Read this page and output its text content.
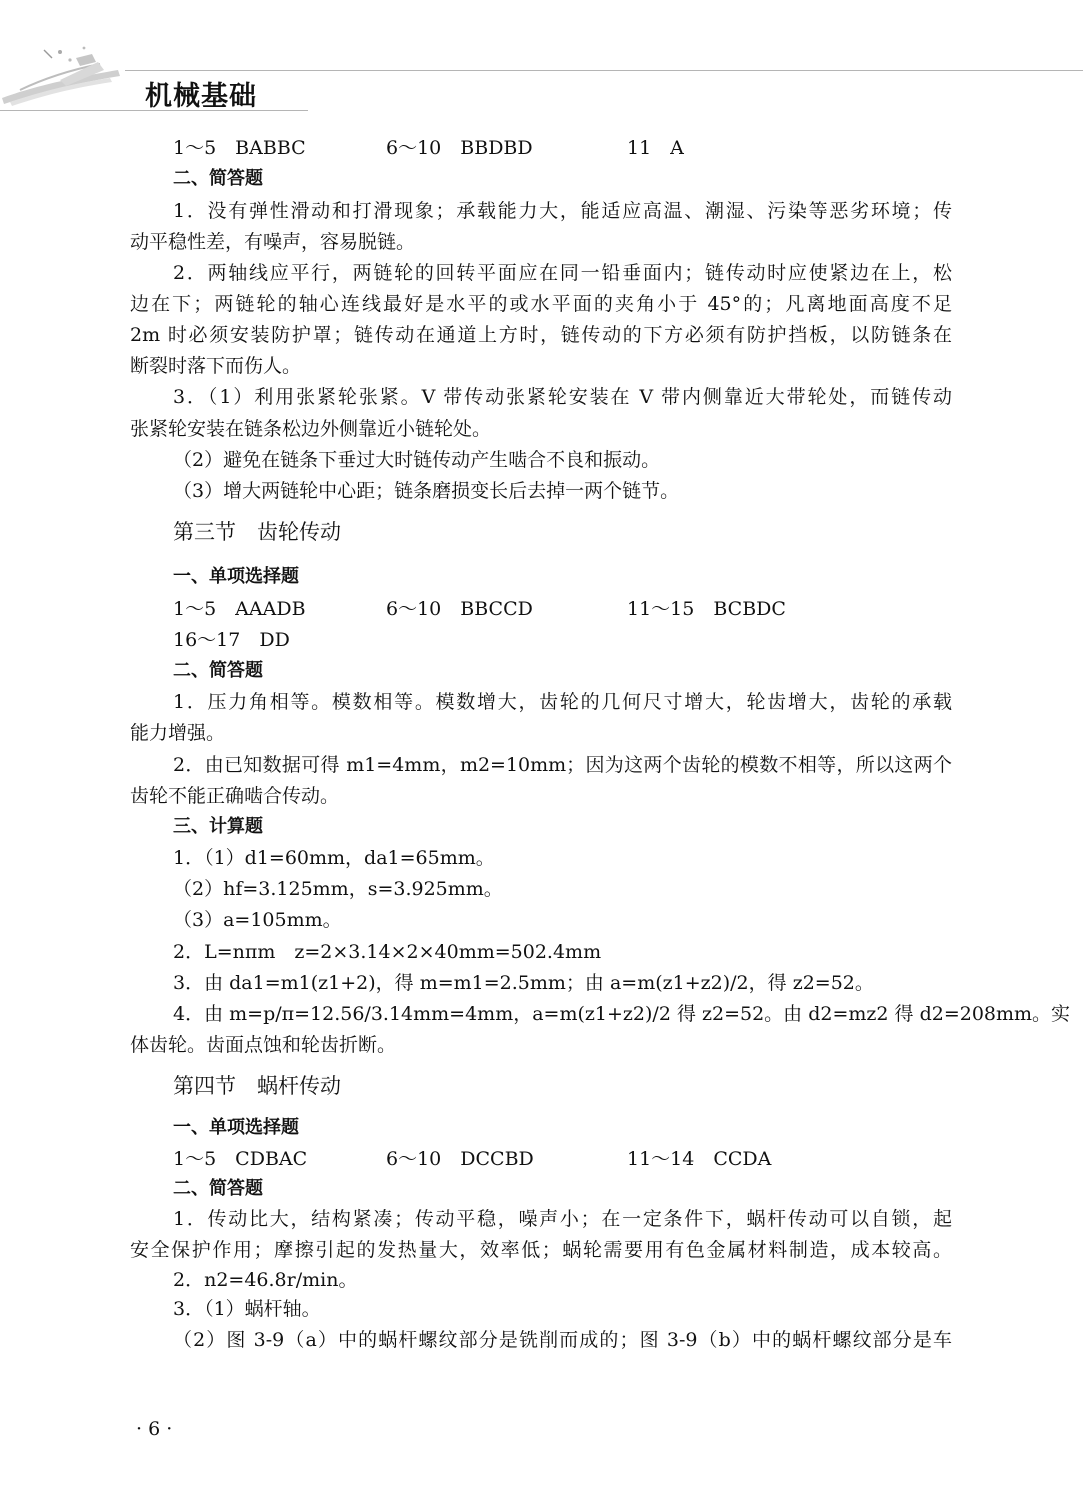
机械基础
1～5　BABBC	6～10　BBDBD	11　A
二、简答题
1．没有弹性滑动和打滑现象；承载能力大，能适应高温、潮湿、污染等恶劣环境；传
动平稳性差，有噪声，容易脱链。
2．两轴线应平行，两链轮的回转平面应在同一铅垂面内；链传动时应使紧边在上，松
边在下；两链轮的轴心连线最好是水平的或水平面的夹角小于 45°的；凡离地面高度不足
2m 时必须安装防护罩；链传动在通道上方时，链传动的下方必须有防护挡板，以防链条在
断裂时落下而伤人。
3．（1）利用张紧轮张紧。V 带传动张紧轮安装在 V 带内侧靠近大带轮处，而链传动
张紧轮安装在链条松边外侧靠近小链轮处。
（2）避免在链条下垂过大时链传动产生啮合不良和振动。
（3）增大两链轮中心距；链条磨损变长后去掉一两个链节。
第三节　齿轮传动
一、单项选择题
1～5　AAADB	6～10　BBCCD	11～15　BCBDC
16～17　DD
二、简答题
1．压力角相等。模数相等。模数增大，齿轮的几何尺寸增大，轮齿增大，齿轮的承载
能力增强。
2．由已知数据可得 m1=4mm，m2=10mm；因为这两个齿轮的模数不相等，所以这两个
齿轮不能正确啮合传动。
三、计算题
1．（1）d1=60mm，da1=65mm。
（2）hf=3.125mm，s=3.925mm。
（3）a=105mm。
2．L=nπm　z=2×3.14×2×40mm=502.4mm
3．由 da1=m1(z1+2)，得 m=m1=2.5mm；由 a=m(z1+z2)/2，得 z2=52。
4．由 m=p/π=12.56/3.14mm=4mm，a=m(z1+z2)/2 得 z2=52。由 d2=mz2 得 d2=208mm。实
体齿轮。齿面点蚀和轮齿折断。
第四节　蜗杆传动
一、单项选择题
1～5　CDBAC	6～10　DCCBD	11～14　CCDA
二、简答题
1．传动比大，结构紧凑；传动平稳，噪声小；在一定条件下，蜗杆传动可以自锁，起
安全保护作用；摩擦引起的发热量大，效率低；蜗轮需要用有色金属材料制造，成本较高。
2．n2=46.8r/min。
3．（1）蜗杆轴。
（2）图 3-9（a）中的蜗杆螺纹部分是铣削而成的；图 3-9（b）中的蜗杆螺纹部分是车
· 6 ·
